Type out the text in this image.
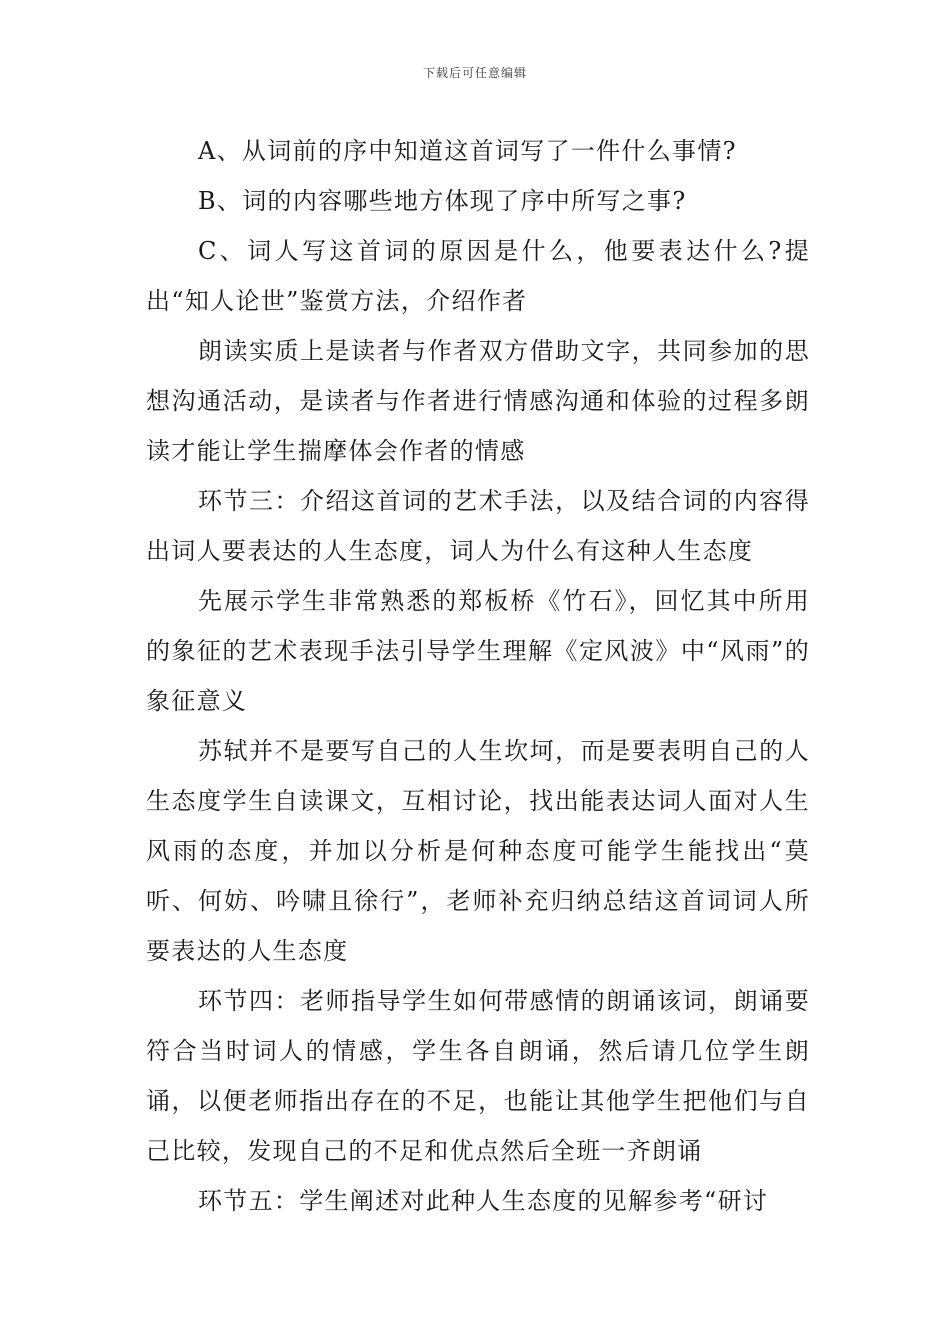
下载后可任意编辑

A、从词前的序中知道这首词写了一件什么事情?

B、词的内容哪些地方体现了序中所写之事?

C、词人写这首词的原因是什么，他要表达什么?提出“知人论世”鉴赏方法，介绍作者

朗读实质上是读者与作者双方借助文字，共同参加的思想沟通活动，是读者与作者进行情感沟通和体验的过程多朗读才能让学生揣摩体会作者的情感

环节三：介绍这首词的艺术手法，以及结合词的内容得出词人要表达的人生态度，词人为什么有这种人生态度

先展示学生非常熟悉的郑板桥《竹石》，回忆其中所用的象征的艺术表现手法引导学生理解《定风波》中“风雨”的象征意义

苏轼并不是要写自己的人生坎坷，而是要表明自己的人生态度学生自读课文，互相讨论，找出能表达词人面对人生风雨的态度，并加以分析是何种态度可能学生能找出“莫听、何妨、吟啸且徐行”，老师补充归纳总结这首词词人所要表达的人生态度

环节四：老师指导学生如何带感情的朗诵该词，朗诵要符合当时词人的情感，学生各自朗诵，然后请几位学生朗诵，以便老师指出存在的不足，也能让其他学生把他们与自己比较，发现自己的不足和优点然后全班一齐朗诵

环节五：学生阐述对此种人生态度的见解参考“研讨
